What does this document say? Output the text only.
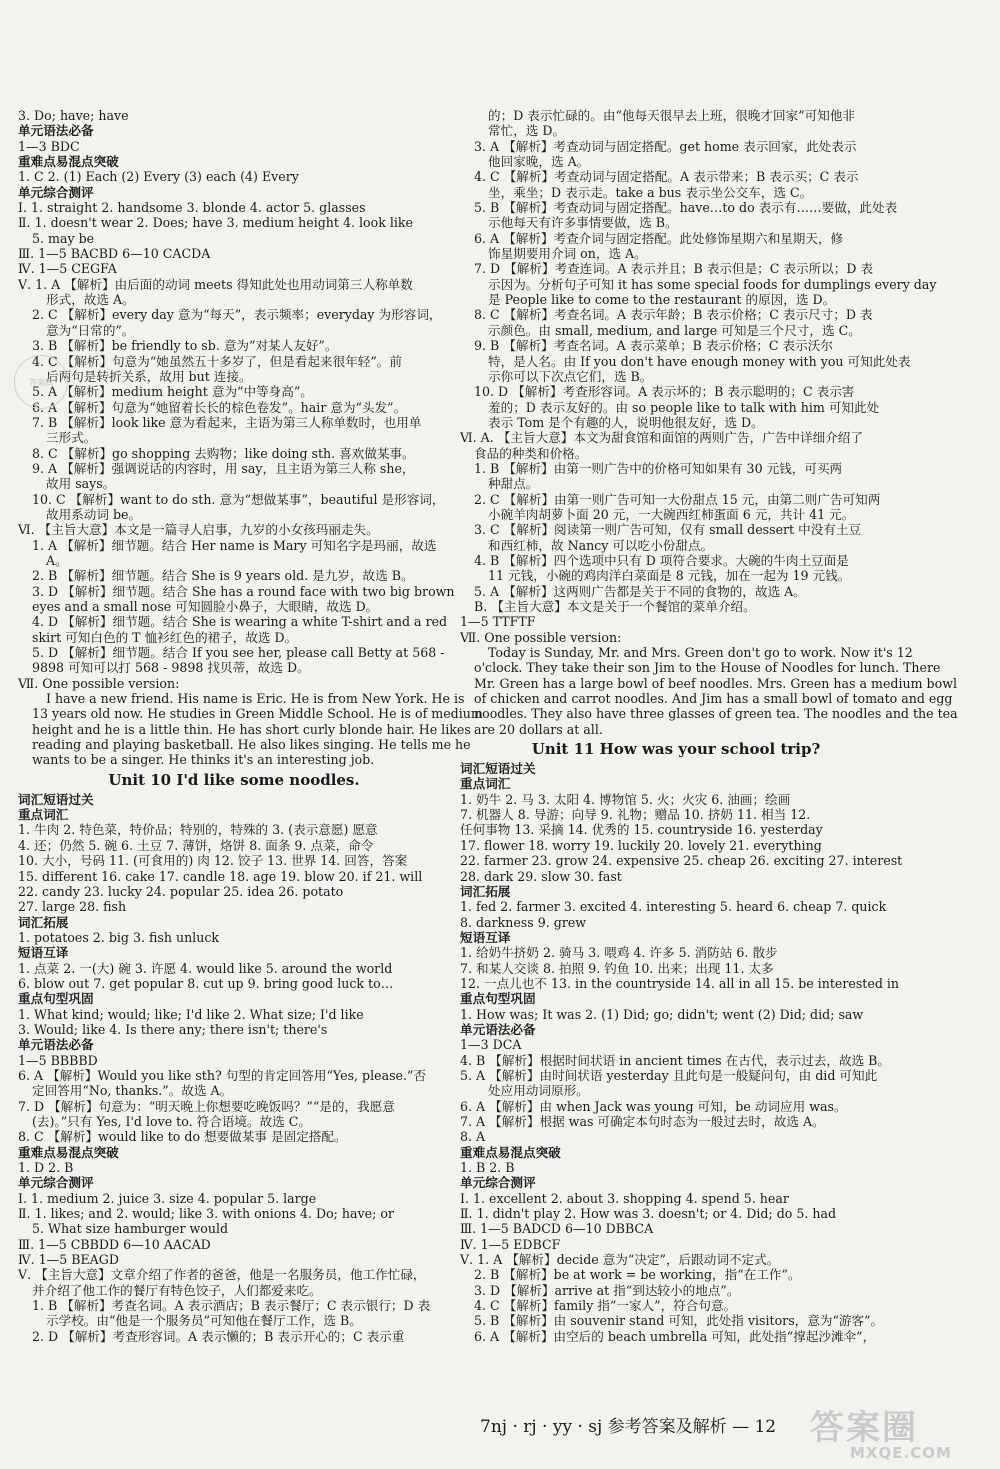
3. Do; have; have
单元语法必备
1—3 BDC
重难点易混点突破
1. C 2. (1) Each (2) Every (3) each (4) Every
单元综合测评
Ⅰ. 1. straight 2. handsome 3. blonde 4. actor 5. glasses
Ⅱ. 1. doesn't wear 2. Does; have 3. medium height 4. look like
5. may be
Ⅲ. 1—5 BACBD 6—10 CACDA
Ⅳ. 1—5 CEGFA
Ⅴ. 1. A 【解析】由后面的动词 meets 得知此处也用动词第三人称单数
形式，故选 A。
2. C 【解析】every day 意为“每天”，表示频率；everyday 为形容词，
意为“日常的”。
3. B 【解析】be friendly to sb. 意为“对某人友好”。
4. C 【解析】句意为“她虽然五十多岁了，但是看起来很年轻”。前
后两句是转折关系，故用 but 连接。
5. A 【解析】medium height 意为“中等身高”。
6. A 【解析】句意为“她留着长长的棕色卷发”。hair 意为“头发”。
7. B 【解析】look like 意为看起来，主语为第三人称单数时，也用单
三形式。
8. C 【解析】go shopping 去购物；like doing sth. 喜欢做某事。
9. A 【解析】强调说话的内容时，用 say，且主语为第三人称 she，
故用 says。
10. C 【解析】want to do sth. 意为“想做某事”，beautiful 是形容词，
故用系动词 be。
Ⅵ. 【主旨大意】本文是一篇寻人启事，九岁的小女孩玛丽走失。
1. A 【解析】细节题。结合 Her name is Mary 可知名字是玛丽，故选
A。
2. B 【解析】细节题。结合 She is 9 years old. 是九岁，故选 B。
3. D 【解析】细节题。结合 She has a round face with two big brown
eyes and a small nose 可知圆脸小鼻子，大眼睛，故选 D。
4. D 【解析】细节题。结合 She is wearing a white T-shirt and a red
skirt 可知白色的 T 恤衫红色的裙子，故选 D。
5. D 【解析】细节题。结合 If you see her, please call Betty at 568 -
9898 可知可以打 568 - 9898 找贝蒂，故选 D。
Ⅶ. One possible version:
I have a new friend. His name is Eric. He is from New York. He is
13 years old now. He studies in Green Middle School. He is of medium
height and he is a little thin. He has short curly blonde hair. He likes
reading and playing basketball. He also likes singing. He tells me he
wants to be a singer. He thinks it's an interesting job.
Unit 10 I'd like some noodles.
词汇短语过关
重点词汇
1. 牛肉 2. 特色菜，特价品；特别的，特殊的 3. (表示意愿) 愿意
4. 还；仍然 5. 碗 6. 土豆 7. 薄饼，烙饼 8. 面条 9. 点菜，命令
10. 大小，号码 11. (可食用的) 肉 12. 饺子 13. 世界 14. 回答，答案
15. different 16. cake 17. candle 18. age 19. blow 20. if 21. will
22. candy 23. lucky 24. popular 25. idea 26. potato
27. large 28. fish
词汇拓展
1. potatoes 2. big 3. fish unluck
短语互译
1. 点菜 2. 一(大) 碗 3. 许愿 4. would like 5. around the world
6. blow out 7. get popular 8. cut up 9. bring good luck to…
重点句型巩固
1. What kind; would; like; I'd like 2. What size; I'd like
3. Would; like 4. Is there any; there isn't; there's
单元语法必备
1—5 BBBBD
6. A 【解析】Would you like sth? 句型的肯定回答用“Yes, please.”否
定回答用“No, thanks.”。故选 A。
7. D 【解析】句意为：“明天晚上你想要吃晚饭吗？”“是的，我愿意
(去)。”只有 Yes, I'd love to. 符合语境。故选 C。
8. C 【解析】would like to do 想要做某事 是固定搭配。
重难点易混点突破
1. D 2. B
单元综合测评
Ⅰ. 1. medium 2. juice 3. size 4. popular 5. large
Ⅱ. 1. likes; and 2. would; like 3. with onions 4. Do; have; or
5. What size hamburger would
Ⅲ. 1—5 CBBDD 6—10 AACAD
Ⅳ. 1—5 BEAGD
Ⅴ. 【主旨大意】文章介绍了作者的爸爸，他是一名服务员，他工作忙碌，
并介绍了他工作的餐厅有特色饺子，人们都爱来吃。
1. B 【解析】考查名词。A 表示酒店；B 表示餐厅；C 表示银行；D 表
示学校。由“他是一个服务员”可知他在餐厅工作，选 B。
2. D 【解析】考查形容词。A 表示懒的；B 表示开心的；C 表示重
的；D 表示忙碌的。由“他每天很早去上班，很晚才回家”可知他非
常忙，选 D。
3. A 【解析】考查动词与固定搭配。get home 表示回家，此处表示
他回家晚，选 A。
4. C 【解析】考查动词与固定搭配。A 表示带来；B 表示买；C 表示
坐，乘坐；D 表示走。take a bus 表示坐公交车，选 C。
5. B 【解析】考查动词与固定搭配。have…to do 表示有……要做，此处表
示他每天有许多事情要做，选 B。
6. A 【解析】考查介词与固定搭配。此处修饰星期六和星期天，修
饰星期要用介词 on，选 A。
7. D 【解析】考查连词。A 表示并且；B 表示但是；C 表示所以；D 表
示因为。分析句子可知 it has some special foods for dumplings every day
是 People like to come to the restaurant 的原因，选 D。
8. C 【解析】考查名词。A 表示年龄；B 表示价格；C 表示尺寸；D 表
示颜色。由 small, medium, and large 可知是三个尺寸，选 C。
9. B 【解析】考查名词。A 表示菜单；B 表示价格；C 表示沃尔
特，是人名。由 If you don't have enough money with you 可知此处表
示你可以下次点它们，选 B。
10. D 【解析】考查形容词。A 表示坏的；B 表示聪明的；C 表示害
羞的；D 表示友好的。由 so people like to talk with him 可知此处
表示 Tom 是个有趣的人，说明他很友好，选 D。
Ⅵ. A. 【主旨大意】本文为甜食馆和面馆的两则广告，广告中详细介绍了
食品的种类和价格。
1. B 【解析】由第一则广告中的价格可知如果有 30 元钱，可买两
种甜点。
2. C 【解析】由第一则广告可知一大份甜点 15 元，由第二则广告可知两
小碗羊肉胡萝卜面 20 元，一大碗西红柿蛋面 6 元，共计 41 元。
3. C 【解析】阅读第一则广告可知，仅有 small dessert 中没有土豆
和西红柿，故 Nancy 可以吃小份甜点。
4. B 【解析】四个选项中只有 D 项符合要求。大碗的牛肉土豆面是
11 元钱，小碗的鸡肉洋白菜面是 8 元钱，加在一起为 19 元钱。
5. A 【解析】这两则广告都是关于不同的食物的，故选 A。
B. 【主旨大意】本文是关于一个餐馆的菜单介绍。
1—5 TTFTF
Ⅶ. One possible version:
Today is Sunday, Mr. and Mrs. Green don't go to work. Now it's 12
o'clock. They take their son Jim to the House of Noodles for lunch. There
Mr. Green has a large bowl of beef noodles. Mrs. Green has a medium bowl
of chicken and carrot noodles. And Jim has a small bowl of tomato and egg
noodles. They also have three glasses of green tea. The noodles and the tea
are 20 dollars at all.
Unit 11 How was your school trip?
词汇短语过关
重点词汇
1. 奶牛 2. 马 3. 太阳 4. 博物馆 5. 火；火灾 6. 油画；绘画
7. 机器人 8. 导游；向导 9. 礼物；赠品 10. 挤奶 11. 相当 12.
任何事物 13. 采摘 14. 优秀的 15. countryside 16. yesterday
17. flower 18. worry 19. luckily 20. lovely 21. everything
22. farmer 23. grow 24. expensive 25. cheap 26. exciting 27. interest
28. dark 29. slow 30. fast
词汇拓展
1. fed 2. farmer 3. excited 4. interesting 5. heard 6. cheap 7. quick
8. darkness 9. grew
短语互译
1. 给奶牛挤奶 2. 骑马 3. 喂鸡 4. 许多 5. 消防站 6. 散步
7. 和某人交谈 8. 拍照 9. 钓鱼 10. 出来；出现 11. 太多
12. 一点儿也不 13. in the countryside 14. all in all 15. be interested in
重点句型巩固
1. How was; It was 2. (1) Did; go; didn't; went (2) Did; did; saw
单元语法必备
1—3 DCA
4. B 【解析】根据时间状语 in ancient times 在古代，表示过去，故选 B。
5. A 【解析】由时间状语 yesterday 且此句是一般疑问句，由 did 可知此
处应用动词原形。
6. A 【解析】由 when Jack was young 可知，be 动词应用 was。
7. A 【解析】根据 was 可确定本句时态为一般过去时，故选 A。
8. A
重难点易混点突破
1. B 2. B
单元综合测评
Ⅰ. 1. excellent 2. about 3. shopping 4. spend 5. hear
Ⅱ. 1. didn't play 2. How was 3. doesn't; or 4. Did; do 5. had
Ⅲ. 1—5 BADCD 6—10 DBBCA
Ⅳ. 1—5 EDBCF
Ⅴ. 1. A 【解析】decide 意为“决定”，后跟动词不定式。
2. B 【解析】be at work = be working，指“在工作”。
3. D 【解析】arrive at 指“到达较小的地点”。
4. C 【解析】family 指“一家人”，符合句意。
5. B 【解析】由 souvenir stand 可知，此处指 visitors，意为“游客”。
6. A 【解析】由空后的 beach umbrella 可知，此处指“撑起沙滩伞”，
答案圈
7nj · rj · yy · sj 参考答案及解析 — 12 答案圈
MXQE.COM
